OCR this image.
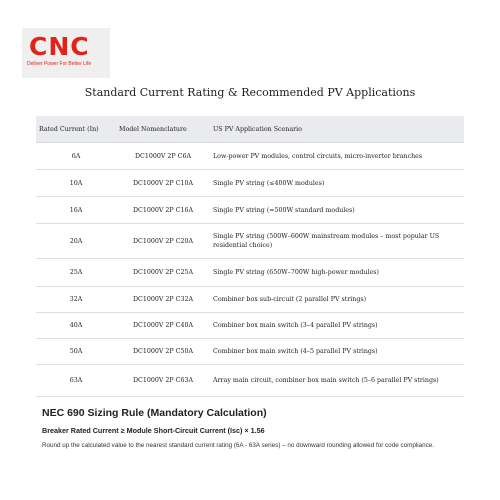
CNC
Deliver Power For Better Life
Standard Current Rating & Recommended PV Applications
Rated Current (In)	Model Nomenclature	US PV Application Scenario
6A	DC1000V 2P C6A	Low-power PV modules, control circuits, micro-inverter branches
10A	DC1000V 2P C10A	Single PV string (≤400W modules)
16A	DC1000V 2P C16A	Single PV string (≈500W standard modules)
20A	DC1000V 2P C20A	Single PV string (500W–600W mainstream modules – most popular US residential choice)
25A	DC1000V 2P C25A	Single PV string (650W–700W high-power modules)
32A	DC1000V 2P C32A	Combiner box sub-circuit (2 parallel PV strings)
40A	DC1000V 2P C40A	Combiner box main switch (3–4 parallel PV strings)
50A	DC1000V 2P C50A	Combiner box main switch (4–5 parallel PV strings)
63A	DC1000V 2P C63A	Array main circuit, combiner box main switch (5–6 parallel PV strings)
NEC 690 Sizing Rule (Mandatory Calculation)
Breaker Rated Current ≥ Module Short-Circuit Current (Isc) × 1.56
Round up the calculated value to the nearest standard current rating (6A - 63A series) – no downward rounding allowed for code compliance.
